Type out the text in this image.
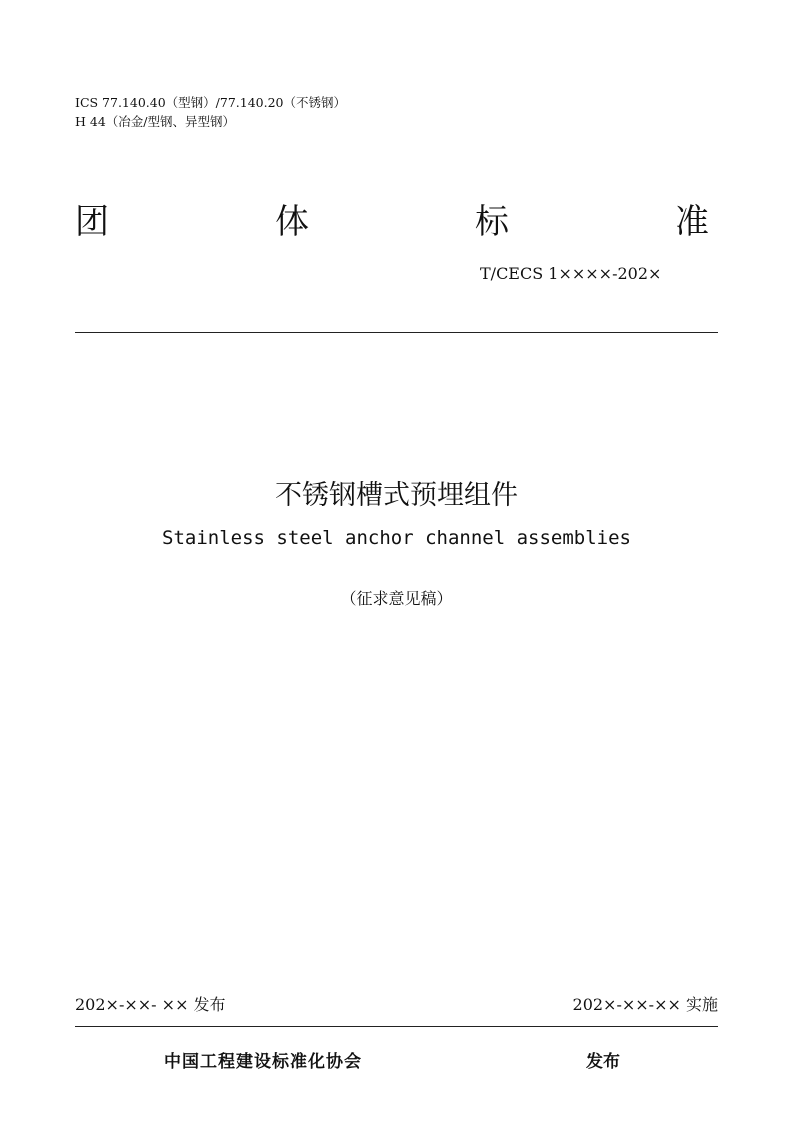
ICS 77.140.40（型钢）/77.140.20（不锈钢）
H 44（冶金/型钢、异型钢）
团	体	标	准
T/CECS 1××××-202×
不锈钢槽式预埋组件
Stainless steel anchor channel assemblies
（征求意见稿）
202×-××- ×× 发布	202×-××-×× 实施
中国工程建设标准化协会	发布
